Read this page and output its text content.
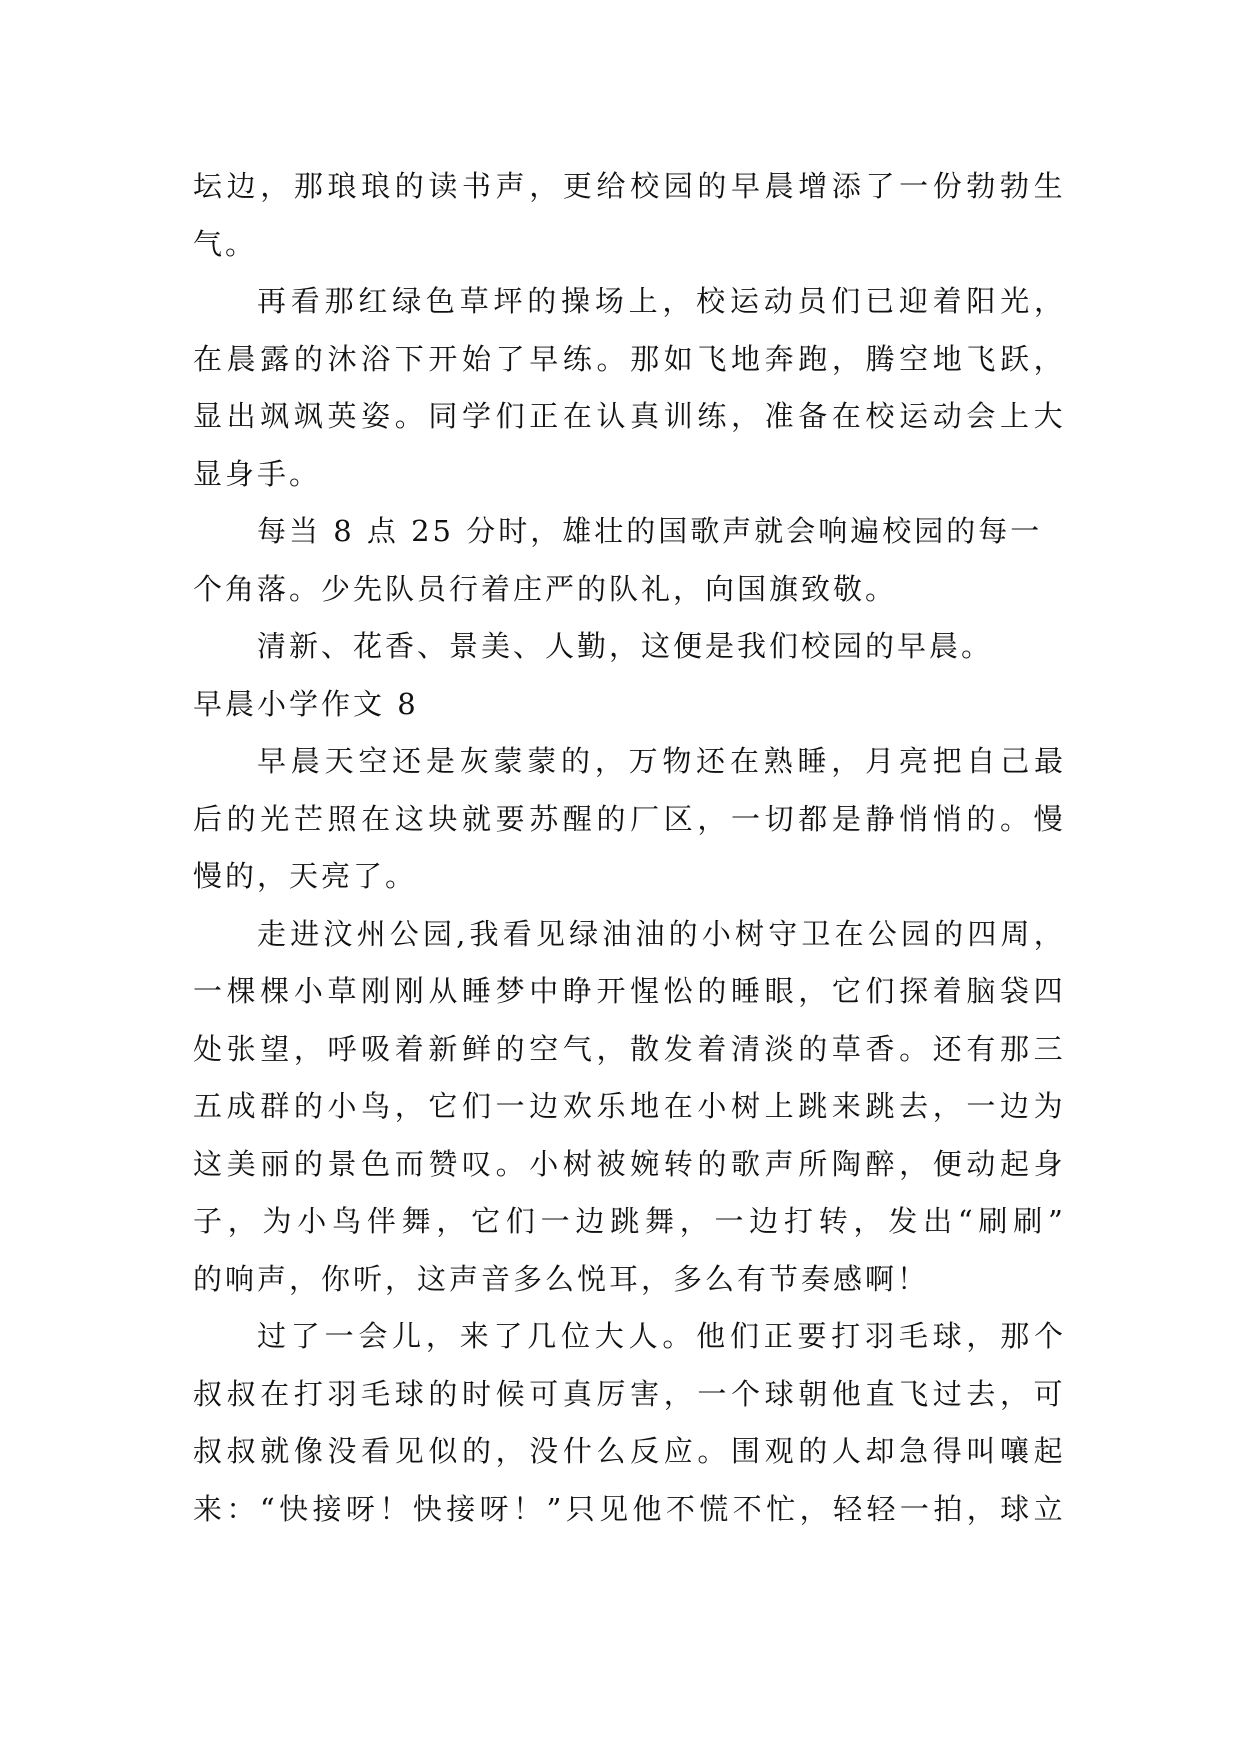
坛 边 ， 那 琅 琅 的 读 书 声 ， 更 给 校 园 的 早 晨 增 添 了 一 份 勃 勃 生
气。
再 看 那 红 绿 色 草 坪 的 操 场 上 ， 校 运 动 员 们 已 迎 着 阳 光 ，
在 晨 露 的 沐 浴 下 开 始 了 早 练 。 那 如 飞 地 奔 跑 ， 腾 空 地 飞 跃 ，
显 出 飒 飒 英 姿 。 同 学 们 正 在 认 真 训 练 ， 准 备 在 校 运 动 会 上 大
显身手。
每当 8 点 25 分时，雄壮的国歌声就会响遍校园的每一
个角落。少先队员行着庄严的队礼，向国旗致敬。
清新、花香、景美、人勤，这便是我们校园的早晨。
早晨小学作文 8
早 晨 天 空 还 是 灰 蒙 蒙 的 ， 万 物 还 在 熟 睡 ， 月 亮 把 自 己 最
后 的 光 芒 照 在 这 块 就 要 苏 醒 的 厂 区 ， 一 切 都 是 静 悄 悄 的 。 慢
慢的，天亮了。
走 进 汶 州 公 园 , 我 看 见 绿 油 油 的 小 树 守 卫 在 公 园 的 四 周 ，
一 棵 棵 小 草 刚 刚 从 睡 梦 中 睁 开 惺 忪 的 睡 眼 ， 它 们 探 着 脑 袋 四
处 张 望 ， 呼 吸 着 新 鲜 的 空 气 ， 散 发 着 清 淡 的 草 香 。 还 有 那 三
五 成 群 的 小 鸟 ， 它 们 一 边 欢 乐 地 在 小 树 上 跳 来 跳 去 ， 一 边 为
这 美 丽 的 景 色 而 赞 叹 。 小 树 被 婉 转 的 歌 声 所 陶 醉 ， 便 动 起 身
子 ， 为 小 鸟 伴 舞 ， 它 们 一 边 跳 舞 ， 一 边 打 转 ， 发 出 “ 刷 刷 ”
的响声，你听，这声音多么悦耳，多么有节奏感啊！
过 了 一 会 儿 ， 来 了 几 位 大 人 。 他 们 正 要 打 羽 毛 球 ， 那 个
叔 叔 在 打 羽 毛 球 的 时 候 可 真 厉 害 ， 一 个 球 朝 他 直 飞 过 去 ， 可
叔 叔 就 像 没 看 见 似 的 ， 没 什 么 反 应 。 围 观 的 人 却 急 得 叫 嚷 起
来 ： “ 快 接 呀 ！ 快 接 呀 ！ ” 只 见 他 不 慌 不 忙 ， 轻 轻 一 拍 ， 球 立
